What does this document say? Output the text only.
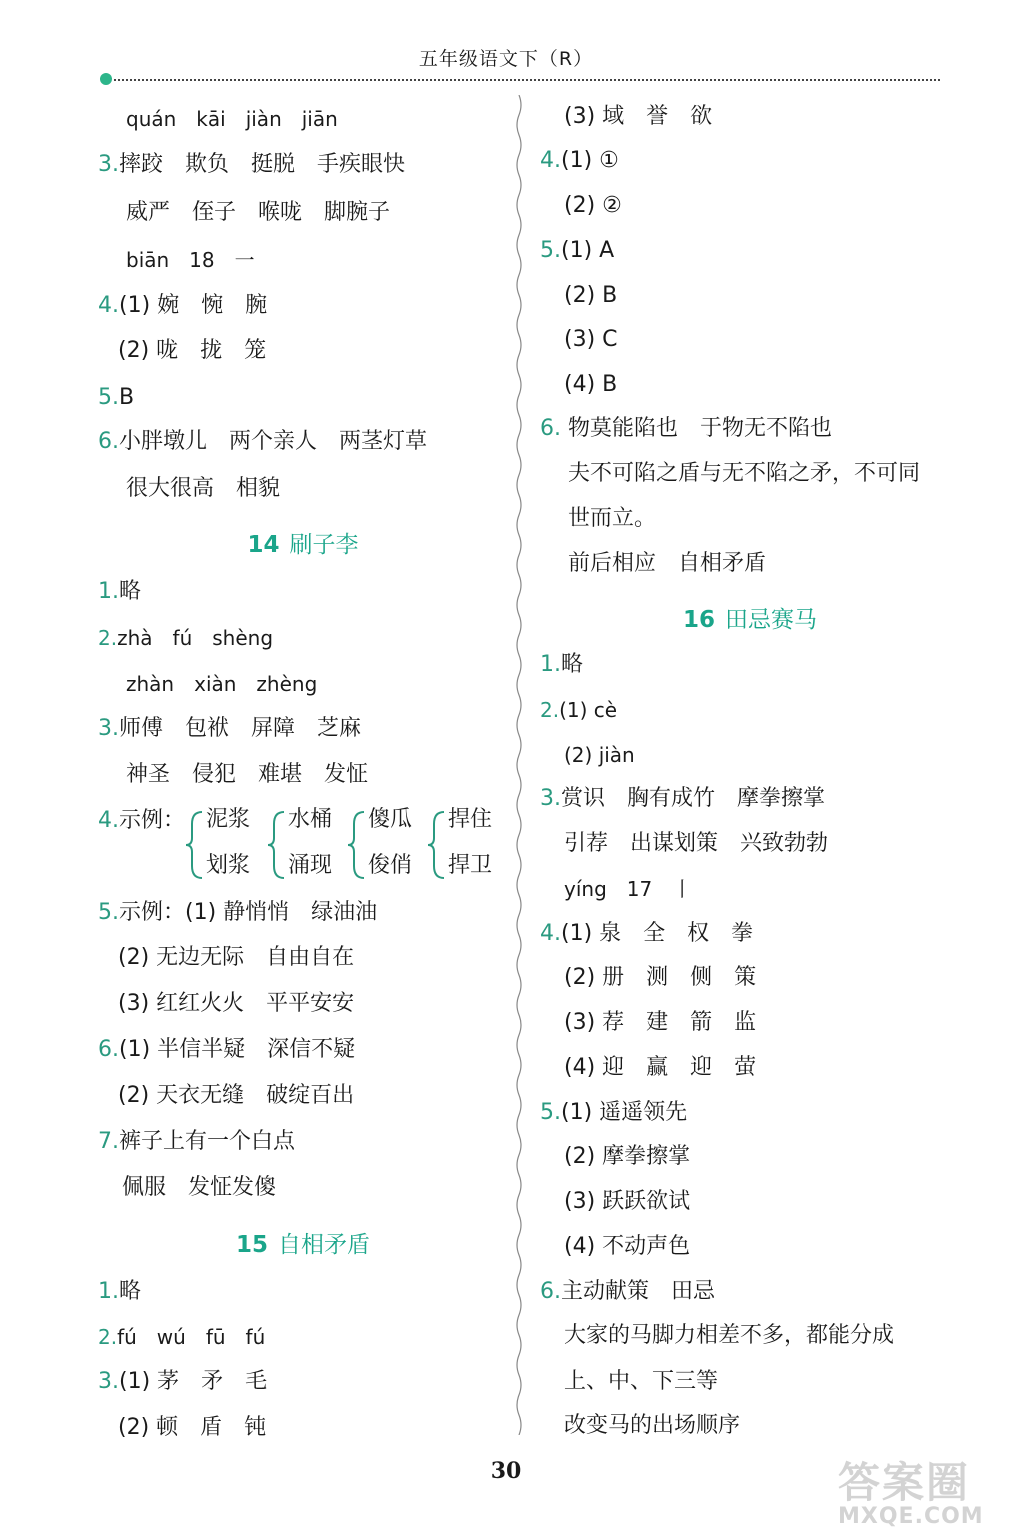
五年级语文下（R）
quán　kāi　jiàn　jiān
3.摔跤　欺负　挺脱　手疾眼快
威严　侄子　喉咙　脚腕子
biān　18　一
4.(1) 婉　惋　腕
(2) 咙　拢　笼
5.B
6.小胖墩儿　两个亲人　两茎灯草
很大很高　相貌
14 刷子李
1.略
2.zhà　fú　shèng
zhàn　xiàn　zhèng
3.师傅　包袱　屏障　芝麻
神圣　侵犯　难堪　发怔
4.示例： 泥浆
划浆
水桶
涌现
傻瓜
俊俏
捍住
捍卫
5.示例：(1) 静悄悄　绿油油
(2) 无边无际　自由自在
(3) 红红火火　平平安安
6.(1) 半信半疑　深信不疑
(2) 天衣无缝　破绽百出
7.裤子上有一个白点
佩服　发怔发傻
15 自相矛盾
1.略
2.fú　wú　fū　fú
3.(1) 茅　矛　毛
(2) 顿　盾　钝
(3) 域　誉　欲
4.(1) ①
(2) ②
5.(1) A
(2) B
(3) C
(4) B
6. 物莫能陷也　于物无不陷也
夫不可陷之盾与无不陷之矛，不可同
世而立。
前后相应　自相矛盾
16 田忌赛马
1.略
2.(1) cè
(2) jiàn
3.赏识　胸有成竹　摩拳擦掌
引荐　出谋划策　兴致勃勃
yíng　17　丨
4.(1) 泉　全　权　拳
(2) 册　测　侧　策
(3) 荐　建　箭　监
(4) 迎　赢　迎　萤
5.(1) 遥遥领先
(2) 摩拳擦掌
(3) 跃跃欲试
(4) 不动声色
6.主动献策　田忌
大家的马脚力相差不多，都能分成
上、中、下三等
改变马的出场顺序
30	答案圈
MXQE.COM
